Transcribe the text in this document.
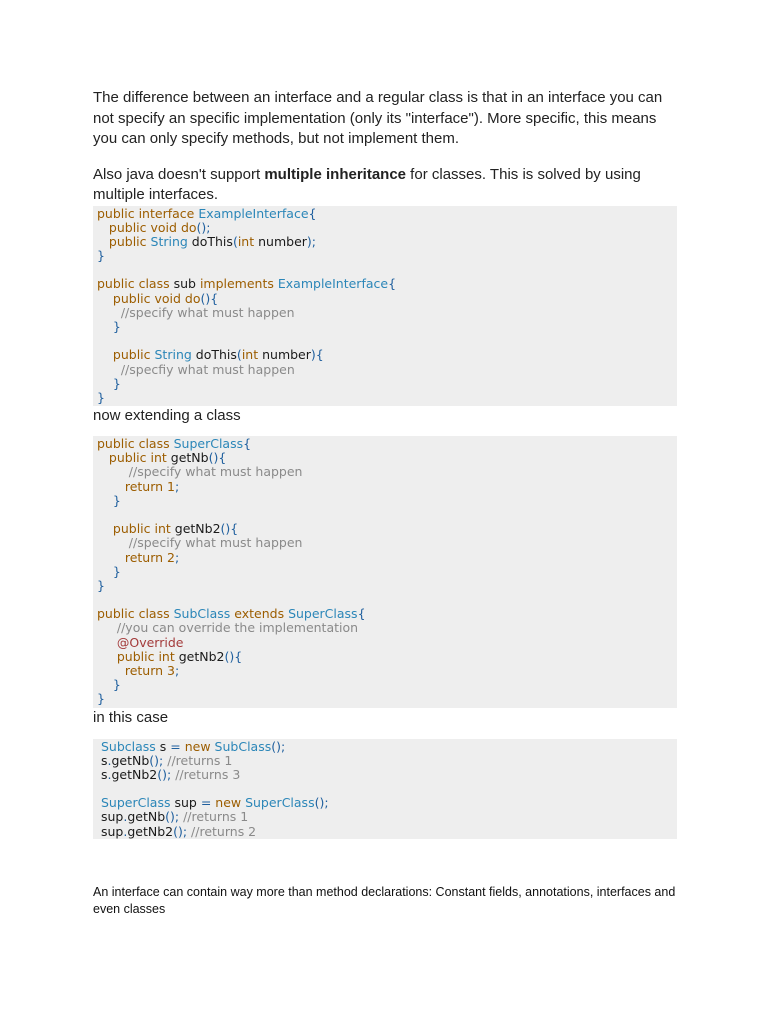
The difference between an interface and a regular class is that in an interface you can not specify an specific implementation (only its "interface"). More specific, this means you can only specify methods, but not implement them.

Also java doesn't support multiple inheritance for classes. This is solved by using multiple interfaces.

public interface ExampleInterface{
public void do();
public String doThis(int number);
}
public class sub implements ExampleInterface{
public void do(){
//specify what must happen
}
public String doThis(int number){
//specfiy what must happen
}
}

now extending a class

public class SuperClass{
public int getNb(){
//specify what must happen
return 1;
}
public int getNb2(){
//specify what must happen
return 2;
}
}
public class SubClass extends SuperClass{
//you can override the implementation
@Override
public int getNb2(){
return 3;
}
}

in this case

Subclass s = new SubClass();
s.getNb(); //returns 1
s.getNb2(); //returns 3
SuperClass sup = new SuperClass();
sup.getNb(); //returns 1
sup.getNb2(); //returns 2

An interface can contain way more than method declarations: Constant fields, annotations, interfaces and even classes
